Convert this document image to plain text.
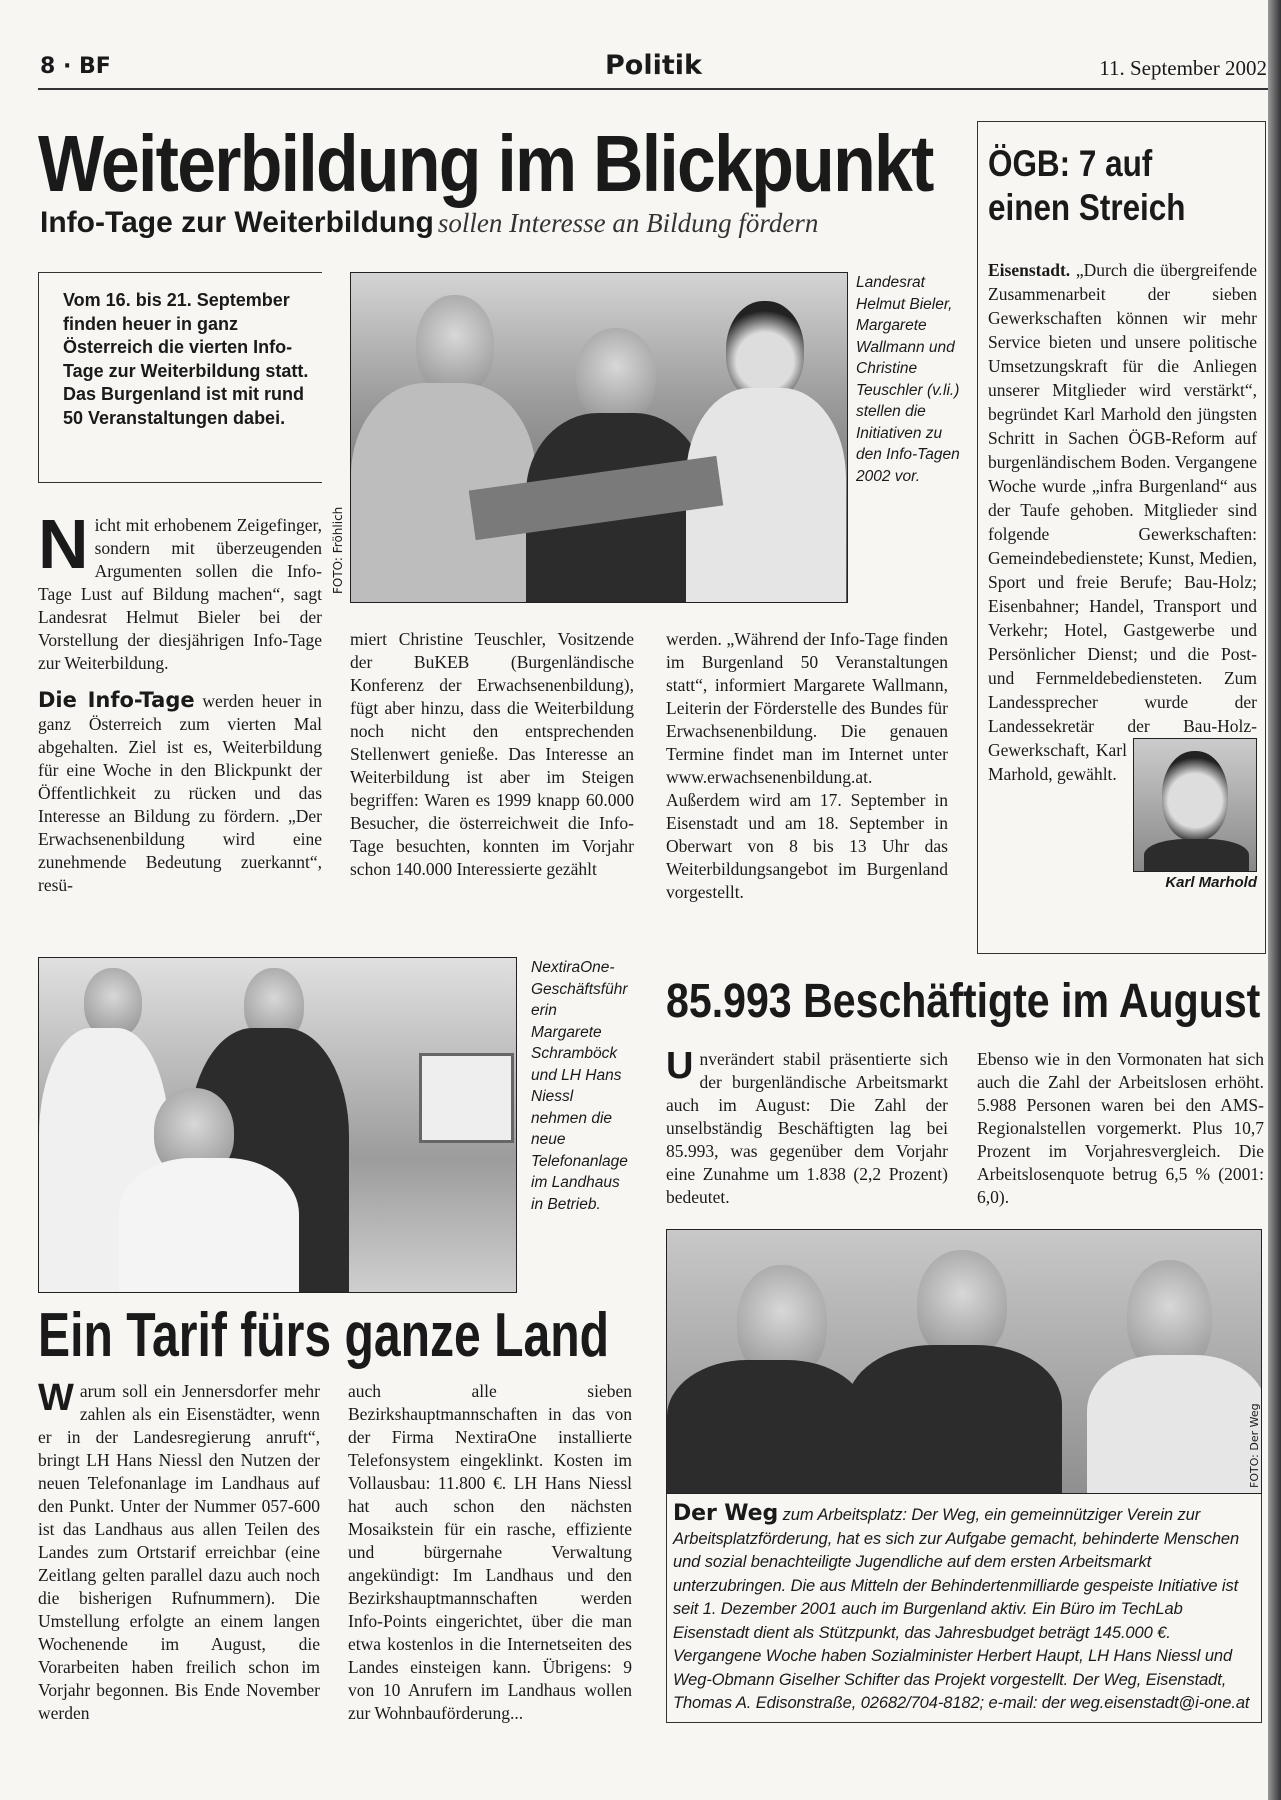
8 · BF	Politik	11. September 2002
Weiterbildung im Blickpunkt
Info-Tage zur Weiterbildung sollen Interesse an Bildung fördern
Vom 16. bis 21. September finden heuer in ganz Österreich die vierten Info-Tage zur Weiterbildung statt. Das Burgenland ist mit rund 50 Veranstaltungen dabei.
FOTO: Fröhlich
Landesrat Helmut Bieler, Margarete Wallmann und Christine Teuschler (v.li.) stellen die Initiativen zu den Info-Tagen 2002 vor.
Nicht mit erhobenem Zeigefinger, sondern mit überzeugenden Argumenten sollen die Info-Tage Lust auf Bildung machen“, sagt Landesrat Helmut Bieler bei der Vorstellung der diesjährigen Info-Tage zur Weiterbildung.
Die Info-Tage werden heuer in ganz Österreich zum vierten Mal abgehalten. Ziel ist es, Weiterbildung für eine Woche in den Blickpunkt der Öffentlichkeit zu rücken und das Interesse an Bildung zu fördern. „Der Erwachsenenbildung wird eine zunehmende Bedeutung zuerkannt“, resü-
miert Christine Teuschler, Vositzende der BuKEB (Burgenländische Konferenz der Erwachsenenbildung), fügt aber hinzu, dass die Weiterbildung noch nicht den entsprechenden Stellenwert genieße. Das Interesse an Weiterbildung ist aber im Steigen begriffen: Waren es 1999 knapp 60.000 Besucher, die österreichweit die Info-Tage besuchten, konnten im Vorjahr schon 140.000 Interessierte gezählt
werden. „Während der Info-Tage finden im Burgenland 50 Veranstaltungen statt“, informiert Margarete Wallmann, Leiterin der Förderstelle des Bundes für Erwachsenenbildung. Die genauen Termine findet man im Internet unter www.erwachsenenbildung.at. Außerdem wird am 17. September in Eisenstadt und am 18. September in Oberwart von 8 bis 13 Uhr das Weiterbildungsangebot im Burgenland vorgestellt.
ÖGB: 7 auf einen Streich
Karl Marhold
Eisenstadt. „Durch die übergreifende Zusammenarbeit der sieben Gewerkschaften können wir mehr Service bieten und unsere politische Umsetzungskraft für die Anliegen unserer Mitglieder wird verstärkt“, begründet Karl Marhold den jüngsten Schritt in Sachen ÖGB-Reform auf burgenländischem Boden. Vergangene Woche wurde „infra Burgenland“ aus der Taufe gehoben. Mitglieder sind folgende Gewerkschaften: Gemeindebedienstete; Kunst, Medien, Sport und freie Berufe; Bau-Holz; Eisenbahner; Handel, Transport und Verkehr; Hotel, Gastgewerbe und Persönlicher Dienst; und die Post- und Fernmeldebediensteten. Zum Landessprecher wurde der Landessekretär der Bau-Holz-Gewerkschaft, Karl Marhold, gewählt.
NextiraOne-Geschäftsführerin Margarete Schramböck und LH Hans Niessl nehmen die neue Telefonanlage im Landhaus in Betrieb.
Ein Tarif fürs ganze Land
Warum soll ein Jennersdorfer mehr zahlen als ein Eisenstädter, wenn er in der Landesregierung anruft“, bringt LH Hans Niessl den Nutzen der neuen Telefonanlage im Landhaus auf den Punkt. Unter der Nummer 057-600 ist das Landhaus aus allen Teilen des Landes zum Ortstarif erreichbar (eine Zeitlang gelten parallel dazu auch noch die bisherigen Rufnummern). Die Umstellung erfolgte an einem langen Wochenende im August, die Vorarbeiten haben freilich schon im Vorjahr begonnen. Bis Ende November werden
auch alle sieben Bezirkshauptmannschaften in das von der Firma NextiraOne installierte Telefonsystem eingeklinkt. Kosten im Vollausbau: 11.800 €. LH Hans Niessl hat auch schon den nächsten Mosaikstein für ein rasche, effiziente und bürgernahe Verwaltung angekündigt: Im Landhaus und den Bezirkshauptmannschaften werden Info-Points eingerichtet, über die man etwa kostenlos in die Internetseiten des Landes einsteigen kann. Übrigens: 9 von 10 Anrufern im Landhaus wollen zur Wohnbauförderung...
85.993 Beschäftigte im August
Unverändert stabil präsentierte sich der burgenländische Arbeitsmarkt auch im August: Die Zahl der unselbständig Beschäftigten lag bei 85.993, was gegenüber dem Vorjahr eine Zunahme um 1.838 (2,2 Prozent) bedeutet.
Ebenso wie in den Vormonaten hat sich auch die Zahl der Arbeitslosen erhöht. 5.988 Personen waren bei den AMS-Regionalstellen vorgemerkt. Plus 10,7 Prozent im Vorjahresvergleich. Die Arbeitslosenquote betrug 6,5 % (2001: 6,0).
FOTO: Der Weg
Der Weg zum Arbeitsplatz: Der Weg, ein gemeinnütziger Verein zur Arbeitsplatzförderung, hat es sich zur Aufgabe gemacht, behinderte Menschen und sozial benachteiligte Jugendliche auf dem ersten Arbeitsmarkt unterzubringen. Die aus Mitteln der Behindertenmilliarde gespeiste Initiative ist seit 1. Dezember 2001 auch im Burgenland aktiv. Ein Büro im TechLab Eisenstadt dient als Stützpunkt, das Jahresbudget beträgt 145.000 €. Vergangene Woche haben Sozialminister Herbert Haupt, LH Hans Niessl und Weg-Obmann Giselher Schifter das Projekt vorgestellt. Der Weg, Eisenstadt, Thomas A. Edisonstraße, 02682/704-8182; e-mail: der weg.eisenstadt@i-one.at
